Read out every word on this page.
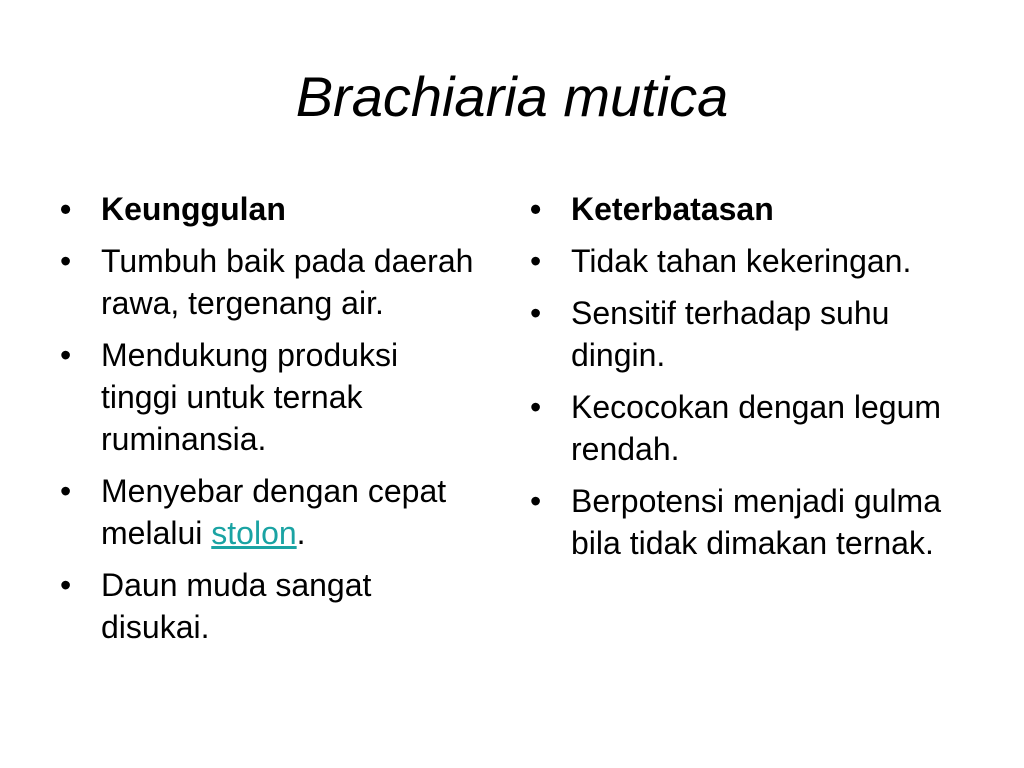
Brachiaria mutica
• Keunggulan
• Tumbuh baik pada daerah rawa, tergenang air.
• Mendukung produksi tinggi untuk ternak ruminansia.
• Menyebar dengan cepat melalui stolon.
• Daun muda sangat disukai.
• Keterbatasan
• Tidak tahan kekeringan.
• Sensitif terhadap suhu dingin.
• Kecocokan dengan legum rendah.
• Berpotensi menjadi gulma bila tidak dimakan ternak.
